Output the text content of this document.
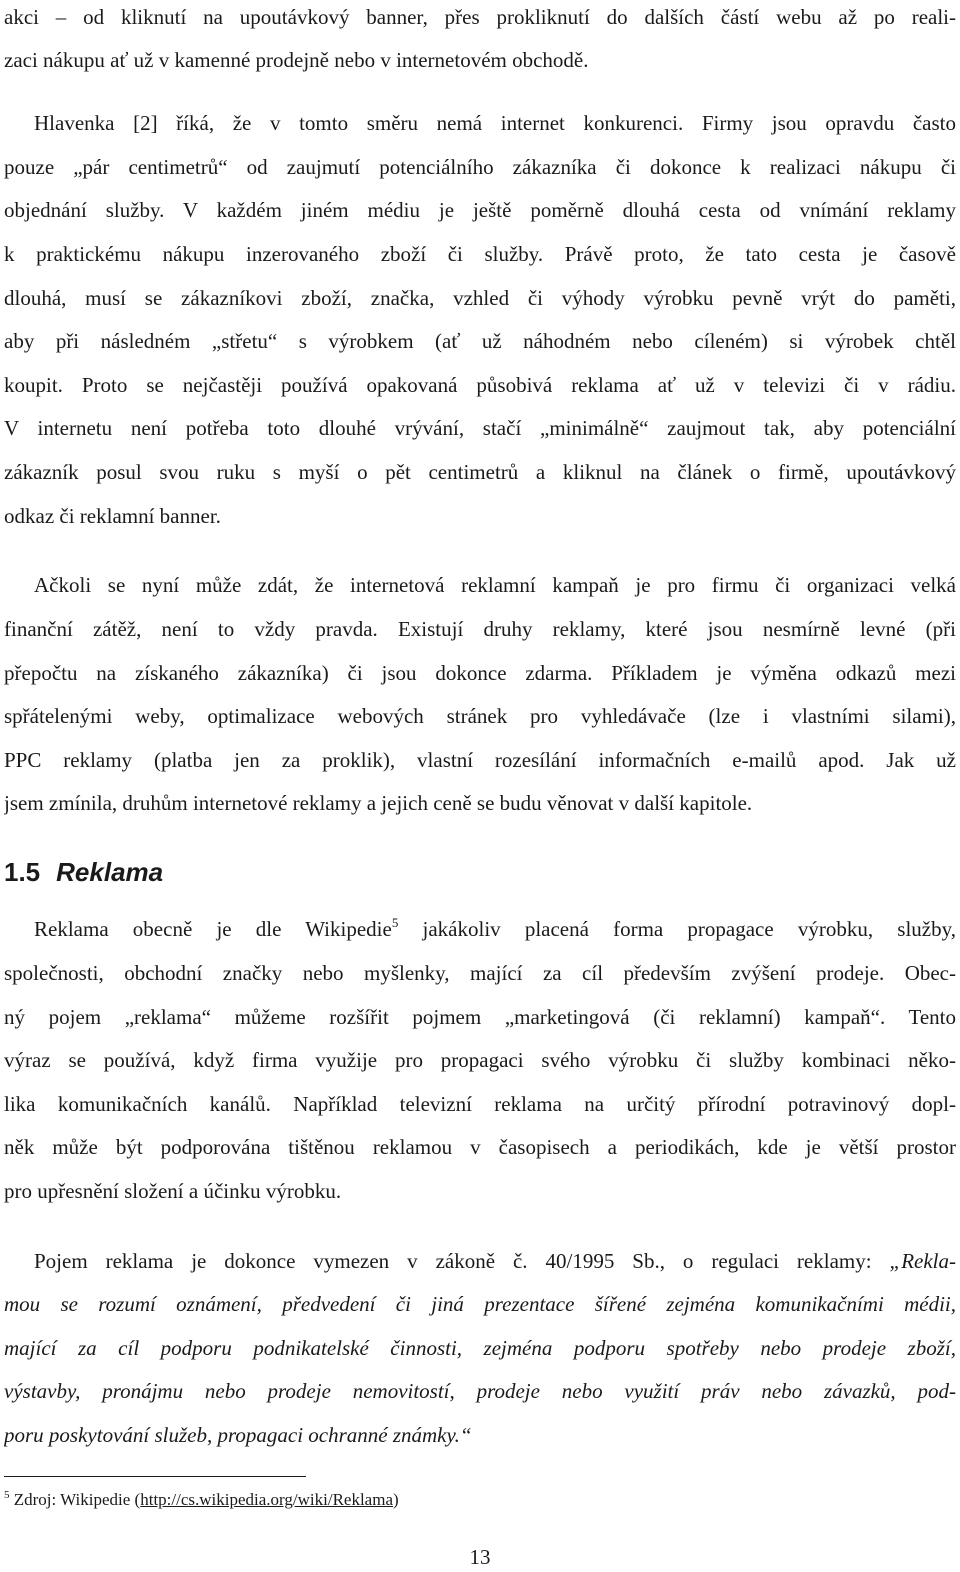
akci – od kliknutí na upoutávkový banner, přes prokliknutí do dalších částí webu až po reali-
zaci nákupu ať už v kamenné prodejně nebo v internetovém obchodě.
Hlavenka [2] říká, že v tomto směru nemá internet konkurenci. Firmy jsou opravdu často
pouze „pár centimetrů“ od zaujmutí potenciálního zákazníka či dokonce k realizaci nákupu či
objednání služby. V každém jiném médiu je ještě poměrně dlouhá cesta od vnímání reklamy
k praktickému nákupu inzerovaného zboží či služby. Právě proto, že tato cesta je časově
dlouhá, musí se zákazníkovi zboží, značka, vzhled či výhody výrobku pevně vrýt do paměti,
aby při následném „střetu“ s výrobkem (ať už náhodném nebo cíleném) si výrobek chtěl
koupit. Proto se nejčastěji používá opakovaná působivá reklama ať už v televizi či v rádiu.
V internetu není potřeba toto dlouhé vrývání, stačí „minimálně“ zaujmout tak, aby potenciální
zákazník posul svou ruku s myší o pět centimetrů a kliknul na článek o firmě, upoutávkový
odkaz či reklamní banner.
Ačkoli se nyní může zdát, že internetová reklamní kampaň je pro firmu či organizaci velká
finanční zátěž, není to vždy pravda. Existují druhy reklamy, které jsou nesmírně levné (při
přepočtu na získaného zákazníka) či jsou dokonce zdarma. Příkladem je výměna odkazů mezi
spřátelenými weby, optimalizace webových stránek pro vyhledávače (lze i vlastními silami),
PPC reklamy (platba jen za proklik), vlastní rozesílání informačních e-mailů apod. Jak už
jsem zmínila, druhům internetové reklamy a jejich ceně se budu věnovat v další kapitole.
1.5 Reklama
Reklama obecně je dle Wikipedie$^5$ jakákoliv placená forma propagace výrobku, služby,
společnosti, obchodní značky nebo myšlenky, mající za cíl především zvýšení prodeje. Obec-
ný pojem „reklama“ můžeme rozšířit pojmem „marketingová (či reklamní) kampaň“. Tento
výraz se používá, když firma využije pro propagaci svého výrobku či služby kombinaci něko-
lika komunikačních kanálů. Například televizní reklama na určitý přírodní potravinový dopl-
něk může být podporována tištěnou reklamou v časopisech a periodikách, kde je větší prostor
pro upřesnění složení a účinku výrobku.
Pojem reklama je dokonce vymezen v zákoně č. 40/1995 Sb., o regulaci reklamy: „Rekla-
mou se rozumí oznámení, předvedení či jiná prezentace šířené zejména komunikačními médii,
mající za cíl podporu podnikatelské činnosti, zejména podporu spotřeby nebo prodeje zboží,
výstavby, pronájmu nebo prodeje nemovitostí, prodeje nebo využití práv nebo závazků, pod-
poru poskytování služeb, propagaci ochranné známky.“
$^5$ Zdroj: Wikipedie (http://cs.wikipedia.org/wiki/Reklama)
13
